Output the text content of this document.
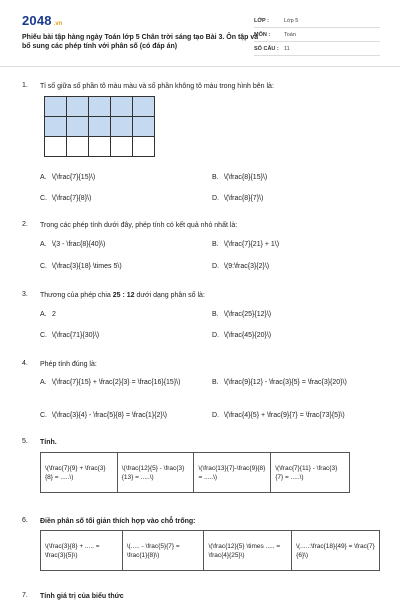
2048 .vn
Phiếu bài tập hàng ngày Toán lớp 5 Chân trời sáng tạo Bài 3. Ôn tập và bổ sung các phép tính với phân số (có đáp án)
LỚP :	Lớp 5
MÔN :	Toán
SỐ CÂU : 11
1. Tỉ số giữa số phần tô màu màu và số phần không tô màu trong hình bên là:

A. \(\frac{7}{15}\)	B. \(\frac{8}{15}\)
C. \(\frac{7}{8}\)	D. \(\frac{8}{7}\)
2. Trong các phép tính dưới đây, phép tính có kết quả nhỏ nhất là:
A. \(3 - \frac{8}{40}\)	B. \(\frac{7}{21} + 1\)
C. \(\frac{3}{18} \times 5\)	D. \(9:\frac{3}{2}\)
3. Thương của phép chia 25 : 12 dưới dạng phân số là:
A. 2	B. \(\frac{25}{12}\)
C. \(\frac{71}{30}\)	D. \(\frac{45}{20}\)
4. Phép tính đúng là:
A. \(\frac{7}{15} + \frac{2}{3} = \frac{16}{15}\)	B. \(\frac{9}{12} - \frac{3}{5} = \frac{3}{20}\)
C. \(\frac{3}{4} - \frac{5}{8} = \frac{1}{2}\)	D. \(\frac{4}{5} + \frac{9}{7} = \frac{73}{5}\)
5. Tính.
\(\frac{7}{9} + \frac{3}{8} = .....\)	\(\frac{12}{5} - \frac{3}{13} = .....\)	\(\frac{13}{7}-\frac{9}{8} = .....\)	\(\frac{7}{11} - \frac{3}{7} = .....\)
6. Điền phân số tối giản thích hợp vào chỗ trống:
\(\frac{3}{8} + ..... = \frac{3}{5}\)	\(..... - \frac{5}{7} = \frac{1}{8}\)	\(\frac{12}{5} \times ..... = \frac{4}{25}\)	\(.....:\frac{18}{49} = \frac{7}{6}\)
7. Tính giá trị của biểu thức
